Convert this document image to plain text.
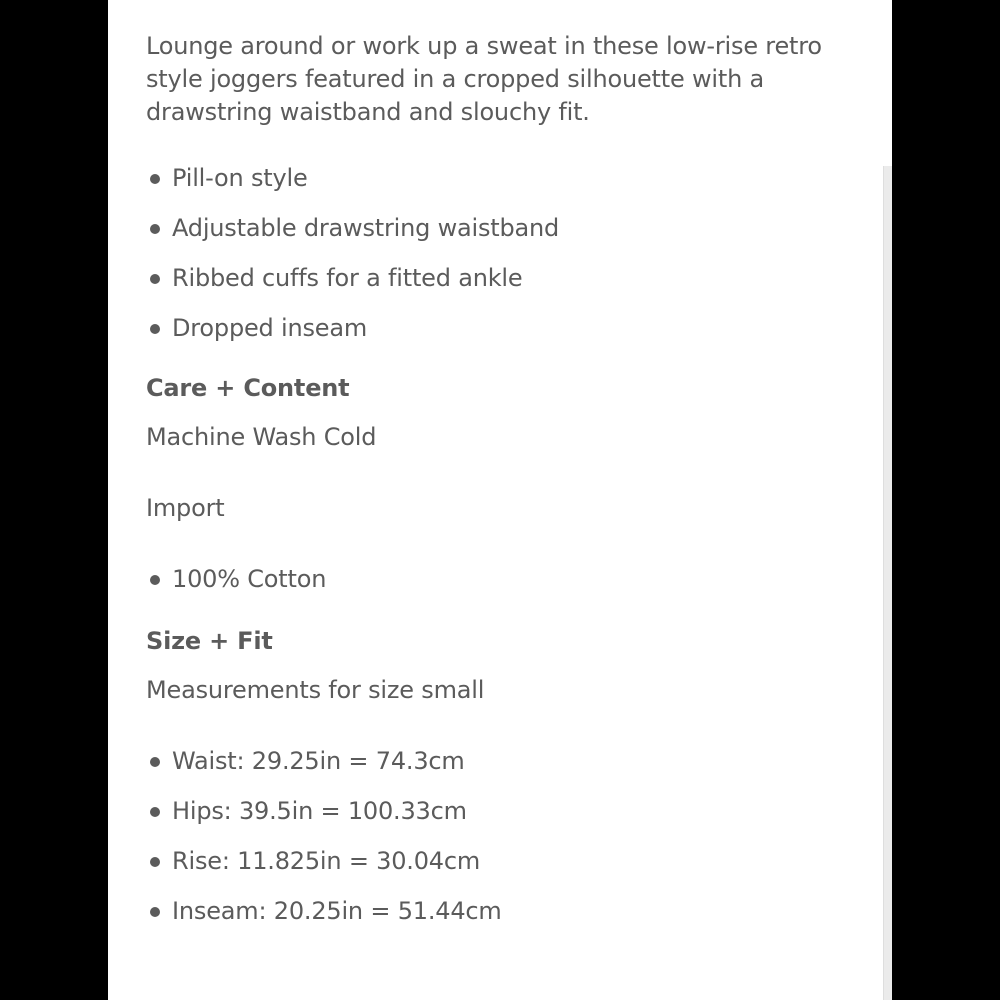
Lounge around or work up a sweat in these low-rise retro style joggers featured in a cropped silhouette with a drawstring waistband and slouchy fit.

Pill-on style
Adjustable drawstring waistband
Ribbed cuffs for a fitted ankle
Dropped inseam

Care + Content

Machine Wash Cold

Import

100% Cotton

Size + Fit

Measurements for size small

Waist: 29.25in = 74.3cm
Hips: 39.5in = 100.33cm
Rise: 11.825in = 30.04cm
Inseam: 20.25in = 51.44cm
